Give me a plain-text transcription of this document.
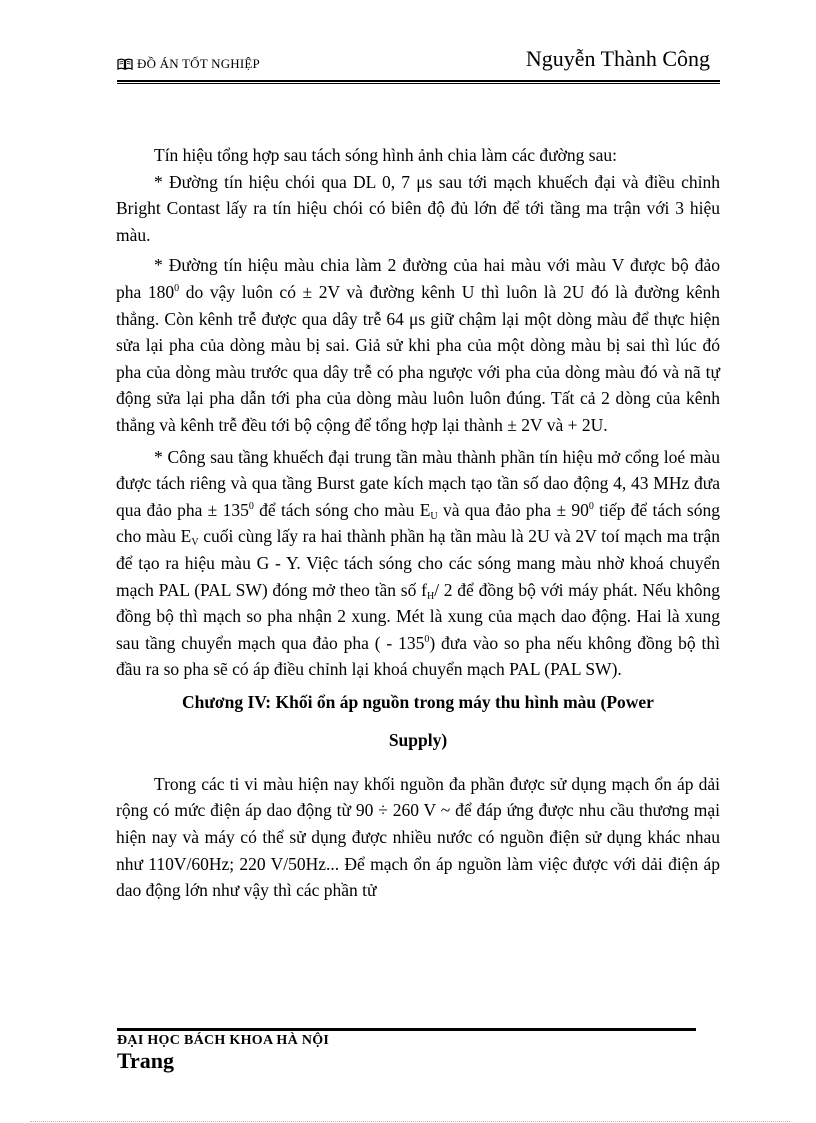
ĐỒ ÁN TỐT NGHIỆP	Nguyễn Thành Công

Tín hiệu tổng hợp sau tách sóng hình ảnh chia làm các đường sau:

* Đường tín hiệu chói qua DL 0, 7 μs sau tới mạch khuếch đại và điều chỉnh Bright Contast lấy ra tín hiệu chói có biên độ đủ lớn để tới tầng ma trận với 3 hiệu màu.

* Đường tín hiệu màu chia làm 2 đường của hai màu với màu V được bộ đảo pha $180^0$ do vậy luôn có ± 2V và đường kênh U thì luôn là 2U đó là đường kênh thẳng. Còn kênh trễ được qua dây trễ 64 μs giữ chậm lại một dòng màu để thực hiện sửa lại pha của dòng màu bị sai. Giả sử khi pha của một dòng màu bị sai thì lúc đó pha của dòng màu trước qua dây trễ có pha ngược với pha của dòng màu đó và nã tự động sửa lại pha dẫn tới pha của dòng màu luôn luôn đúng. Tất cả 2 dòng của kênh thẳng và kênh trễ đều tới bộ cộng để tổng hợp lại thành ± 2V và + 2U.

* Công sau tầng khuếch đại trung tần màu thành phần tín hiệu mở cổng loé màu được tách riêng và qua tầng Burst gate kích mạch tạo tần số dao động 4, 43 MHz đưa qua đảo pha ± $135^0$ để tách sóng cho màu $E_U$ và qua đảo pha ± $90^0$ tiếp để tách sóng cho màu $E_V$ cuối cùng lấy ra hai thành phần hạ tần màu là 2U và 2V toí mạch ma trận để tạo ra hiệu màu G - Y. Việc tách sóng cho các sóng mang màu nhờ khoá chuyển mạch PAL (PAL SW) đóng mở theo tần số $f_H/$ 2 để đồng bộ với máy phát. Nếu không đồng bộ thì mạch so pha nhận 2 xung. Mét là xung của mạch dao động. Hai là xung sau tầng chuyển mạch qua đảo pha ( - $135^0$) đưa vào so pha nếu không đồng bộ thì đầu ra so pha sẽ có áp điều chỉnh lại khoá chuyển mạch PAL (PAL SW).

Chương IV: Khối ổn áp nguồn trong máy thu hình màu (Power

Supply)

Trong các ti vi màu hiện nay khối nguồn đa phần được sử dụng mạch ổn áp dải rộng có mức điện áp dao động từ 90 ÷ 260 V ~ để đáp ứng được nhu cầu thương mại hiện nay và máy có thể sử dụng được nhiều nước có nguồn điện sử dụng khác nhau như 110V/60Hz; 220 V/50Hz... Để mạch ổn áp nguồn làm việc được với dải điện áp dao động lớn như vậy thì các phần tử

ĐẠI HỌC BÁCH KHOA HÀ NỘI
Trang
